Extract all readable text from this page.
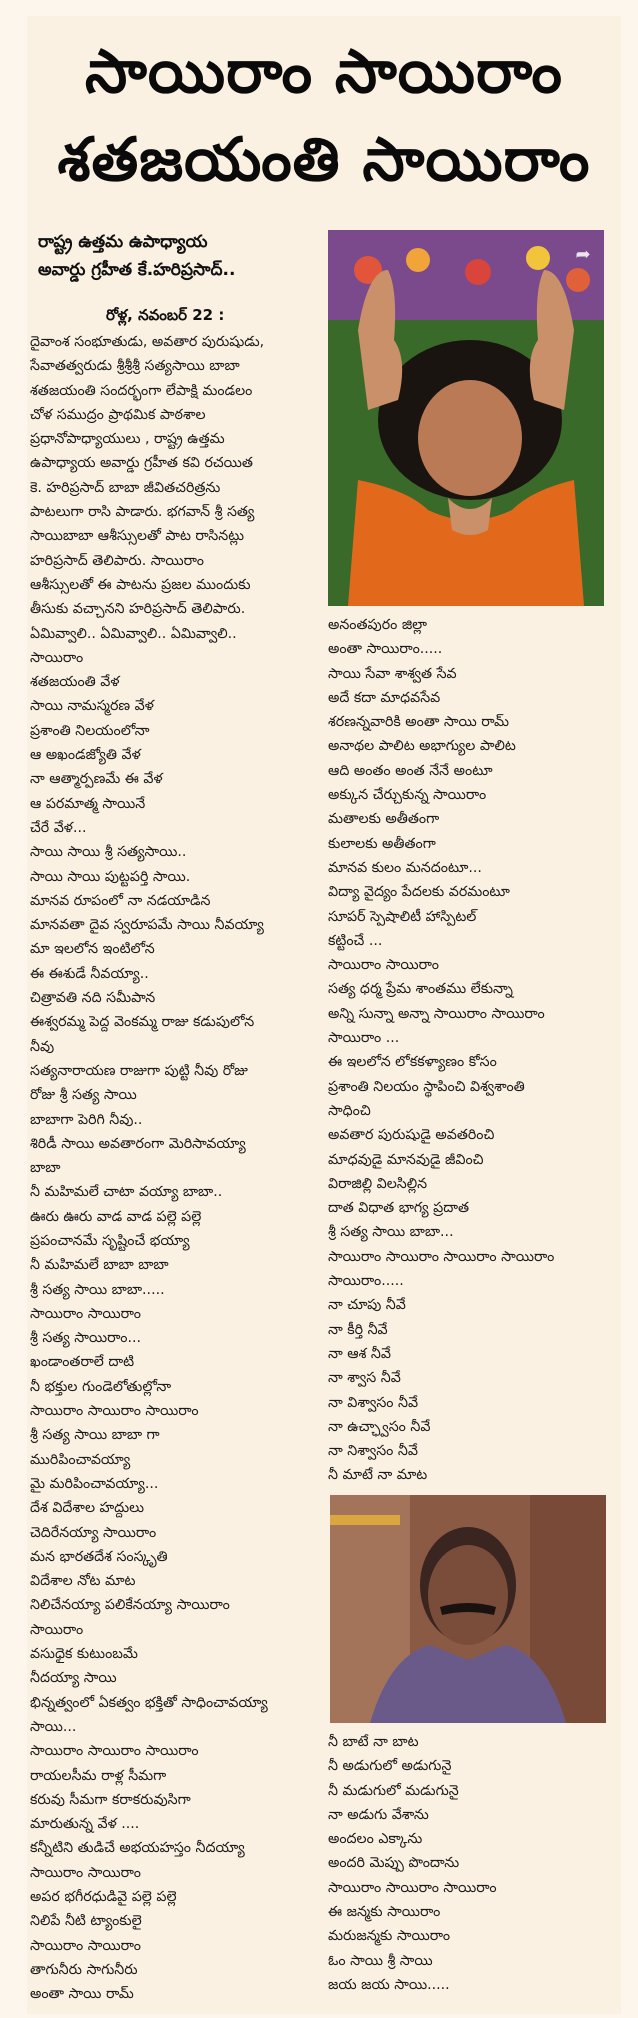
సాయిరాం సాయిరాం
శతజయంతి సాయిరాం
రాష్ట్ర ఉత్తమ ఉపాధ్యాయ
అవార్డు గ్రహీత కే.హరిప్రసాద్..
రోళ్ల, నవంబర్ 22 :
దైవాంశ సంభూతుడు, అవతార పురుషుడు,
సేవాతత్వరుడు శ్రీశ్రీశ్రీ సత్యసాయి బాబా
శతజయంతి సందర్భంగా లేపాక్షి మండలం
చోళ సముద్రం ప్రాథమిక పాఠశాల
ప్రధానోపాధ్యాయులు , రాష్ట్ర ఉత్తమ
ఉపాధ్యాయ అవార్డు గ్రహీత కవి రచయిత
కె. హరిప్రసాద్ బాబా జీవితచరిత్రను
పాటలుగా రాసి పాడారు. భగవాన్ శ్రీ సత్య
సాయిబాబా ఆశీస్సులతో పాట రాసినట్లు
హరిప్రసాద్ తెలిపారు. సాయిరాం
ఆశీస్సులతో ఈ పాటను ప్రజల ముందుకు
తీసుకు వచ్చానని హరిప్రసాద్ తెలిపారు.
ఏమివ్వాలి.. ఏమివ్వాలి.. ఏమివ్వాలి..
సాయిరాం
శతజయంతి వేళ
సాయి నామస్మరణ వేళ
ప్రశాంతి నిలయంలోనా
ఆ అఖండజ్యోతి వేళ
నా ఆత్మార్పణమే ఈ వేళ
ఆ పరమాత్మ సాయినే
చేరే వేళ...
సాయి సాయి శ్రీ సత్యసాయి..
సాయి సాయి పుట్టపర్తి సాయి.
మానవ రూపంలో నా నడయాడిన
మానవతా దైవ స్వరూపమే సాయి నీవయ్యా
మా ఇలలోన ఇంటిలోన
ఈ ఈశుడే నీవయ్యా..
చిత్రావతి నది సమీపాన
ఈశ్వరమ్మ పెద్ద వెంకమ్మ రాజు కడుపులోన
నీవు
సత్యనారాయణ రాజుగా పుట్టి నీవు రోజు
రోజు శ్రీ సత్య సాయి
బాబాగా పెరిగి నీవు..
శిరిడీ సాయి అవతారంగా మెరిసావయ్యా
బాబా
నీ మహిమలే చాటా వయ్యా బాబా..
ఊరు ఊరు వాడ వాడ పల్లె పల్లె
ప్రపంచానమే సృష్టించే భయ్యా
నీ మహిమలే బాబా బాబా
శ్రీ సత్య సాయి బాబా.....
సాయిరాం సాయిరాం
శ్రీ సత్య సాయిరాం...
ఖండాంతరాలే దాటి
నీ భక్తుల గుండెలోతుల్లోనా
సాయిరాం సాయిరాం సాయిరాం
శ్రీ సత్య సాయి బాబా గా
మురిపించావయ్యా
మై మరిపించావయ్యా...
దేశ విదేశాల హద్దులు
చెదిరేనయ్యా సాయిరాం
మన భారతదేశ సంస్కృతి
విదేశాల నోట మాట
నిలిచేనయ్యా పలికేనయ్యా సాయిరాం
సాయిరాం
వసుధైక కుటుంబమే
నీదయ్యా సాయి
భిన్నత్వంలో ఏకత్వం భక్తితో సాధించావయ్యా
సాయి...
సాయిరాం సాయిరాం సాయిరాం
రాయలసీమ రాళ్ల సీమగా
కరువు సీమగా కరాకరువుసిగా
మారుతున్న వేళ ....
కన్నీటిని తుడిచే అభయహస్తం నీదయ్యా
సాయిరాం సాయిరాం
అపర భగీరధుడివై పల్లె పల్లె
నిలిపే నీటి ట్యాంకులై
సాయిరాం సాయిరాం
తాగునీరు సాగునీరు
అంతా సాయి రామ్
➦
అనంతపురం జిల్లా
అంతా సాయిరాం.....
సాయి సేవా శాశ్వత సేవ
అదే కదా మాధవసేవ
శరణన్నవారికి అంతా సాయి రామ్
అనాథల పాలిట అభాగ్యుల పాలిట
ఆది అంతం అంత నేనే అంటూ
అక్కున చేర్చుకున్న సాయిరాం
మతాలకు అతీతంగా
కులాలకు అతీతంగా
మానవ కులం మనదంటూ...
విద్యా వైద్యం పేదలకు వరమంటూ
సూపర్ స్పెషాలిటీ హాస్పిటల్
కట్టించే ...
సాయిరాం సాయిరాం
సత్య ధర్మ ప్రేమ శాంతము లేకున్నా
అన్ని సున్నా అన్నా సాయిరాం సాయిరాం
సాయిరాం ...
ఈ ఇలలోన లోకకళ్యాణం కోసం
ప్రశాంతి నిలయం స్థాపించి విశ్వశాంతి
సాధించి
అవతార పురుషుడై అవతరించి
మాధవుడై మానవుడై జీవించి
విరాజిల్లి విలసిల్లిన
దాత విధాత భాగ్య ప్రదాత
శ్రీ సత్య సాయి బాబా...
సాయిరాం సాయిరాం సాయిరాం సాయిరాం
సాయిరాం.....
నా చూపు నీవే
నా కీర్తి నీవే
నా ఆశ నీవే
నా శ్వాస నీవే
నా విశ్వాసం నీవే
నా ఉచ్ఛ్వాసం నీవే
నా నిశ్వాసం నీవే
నీ మాటే నా మాట
నీ బాటే నా బాట
నీ అడుగులో అడుగునై
నీ మడుగులో మడుగునై
నా అడుగు వేశాను
అందలం ఎక్కాను
అందరి మెప్పు పొందాను
సాయిరాం సాయిరాం సాయిరాం
ఈ జన్మకు సాయిరాం
మరుజన్మకు సాయిరాం
ఓం సాయి శ్రీ సాయి
జయ జయ సాయి.....
